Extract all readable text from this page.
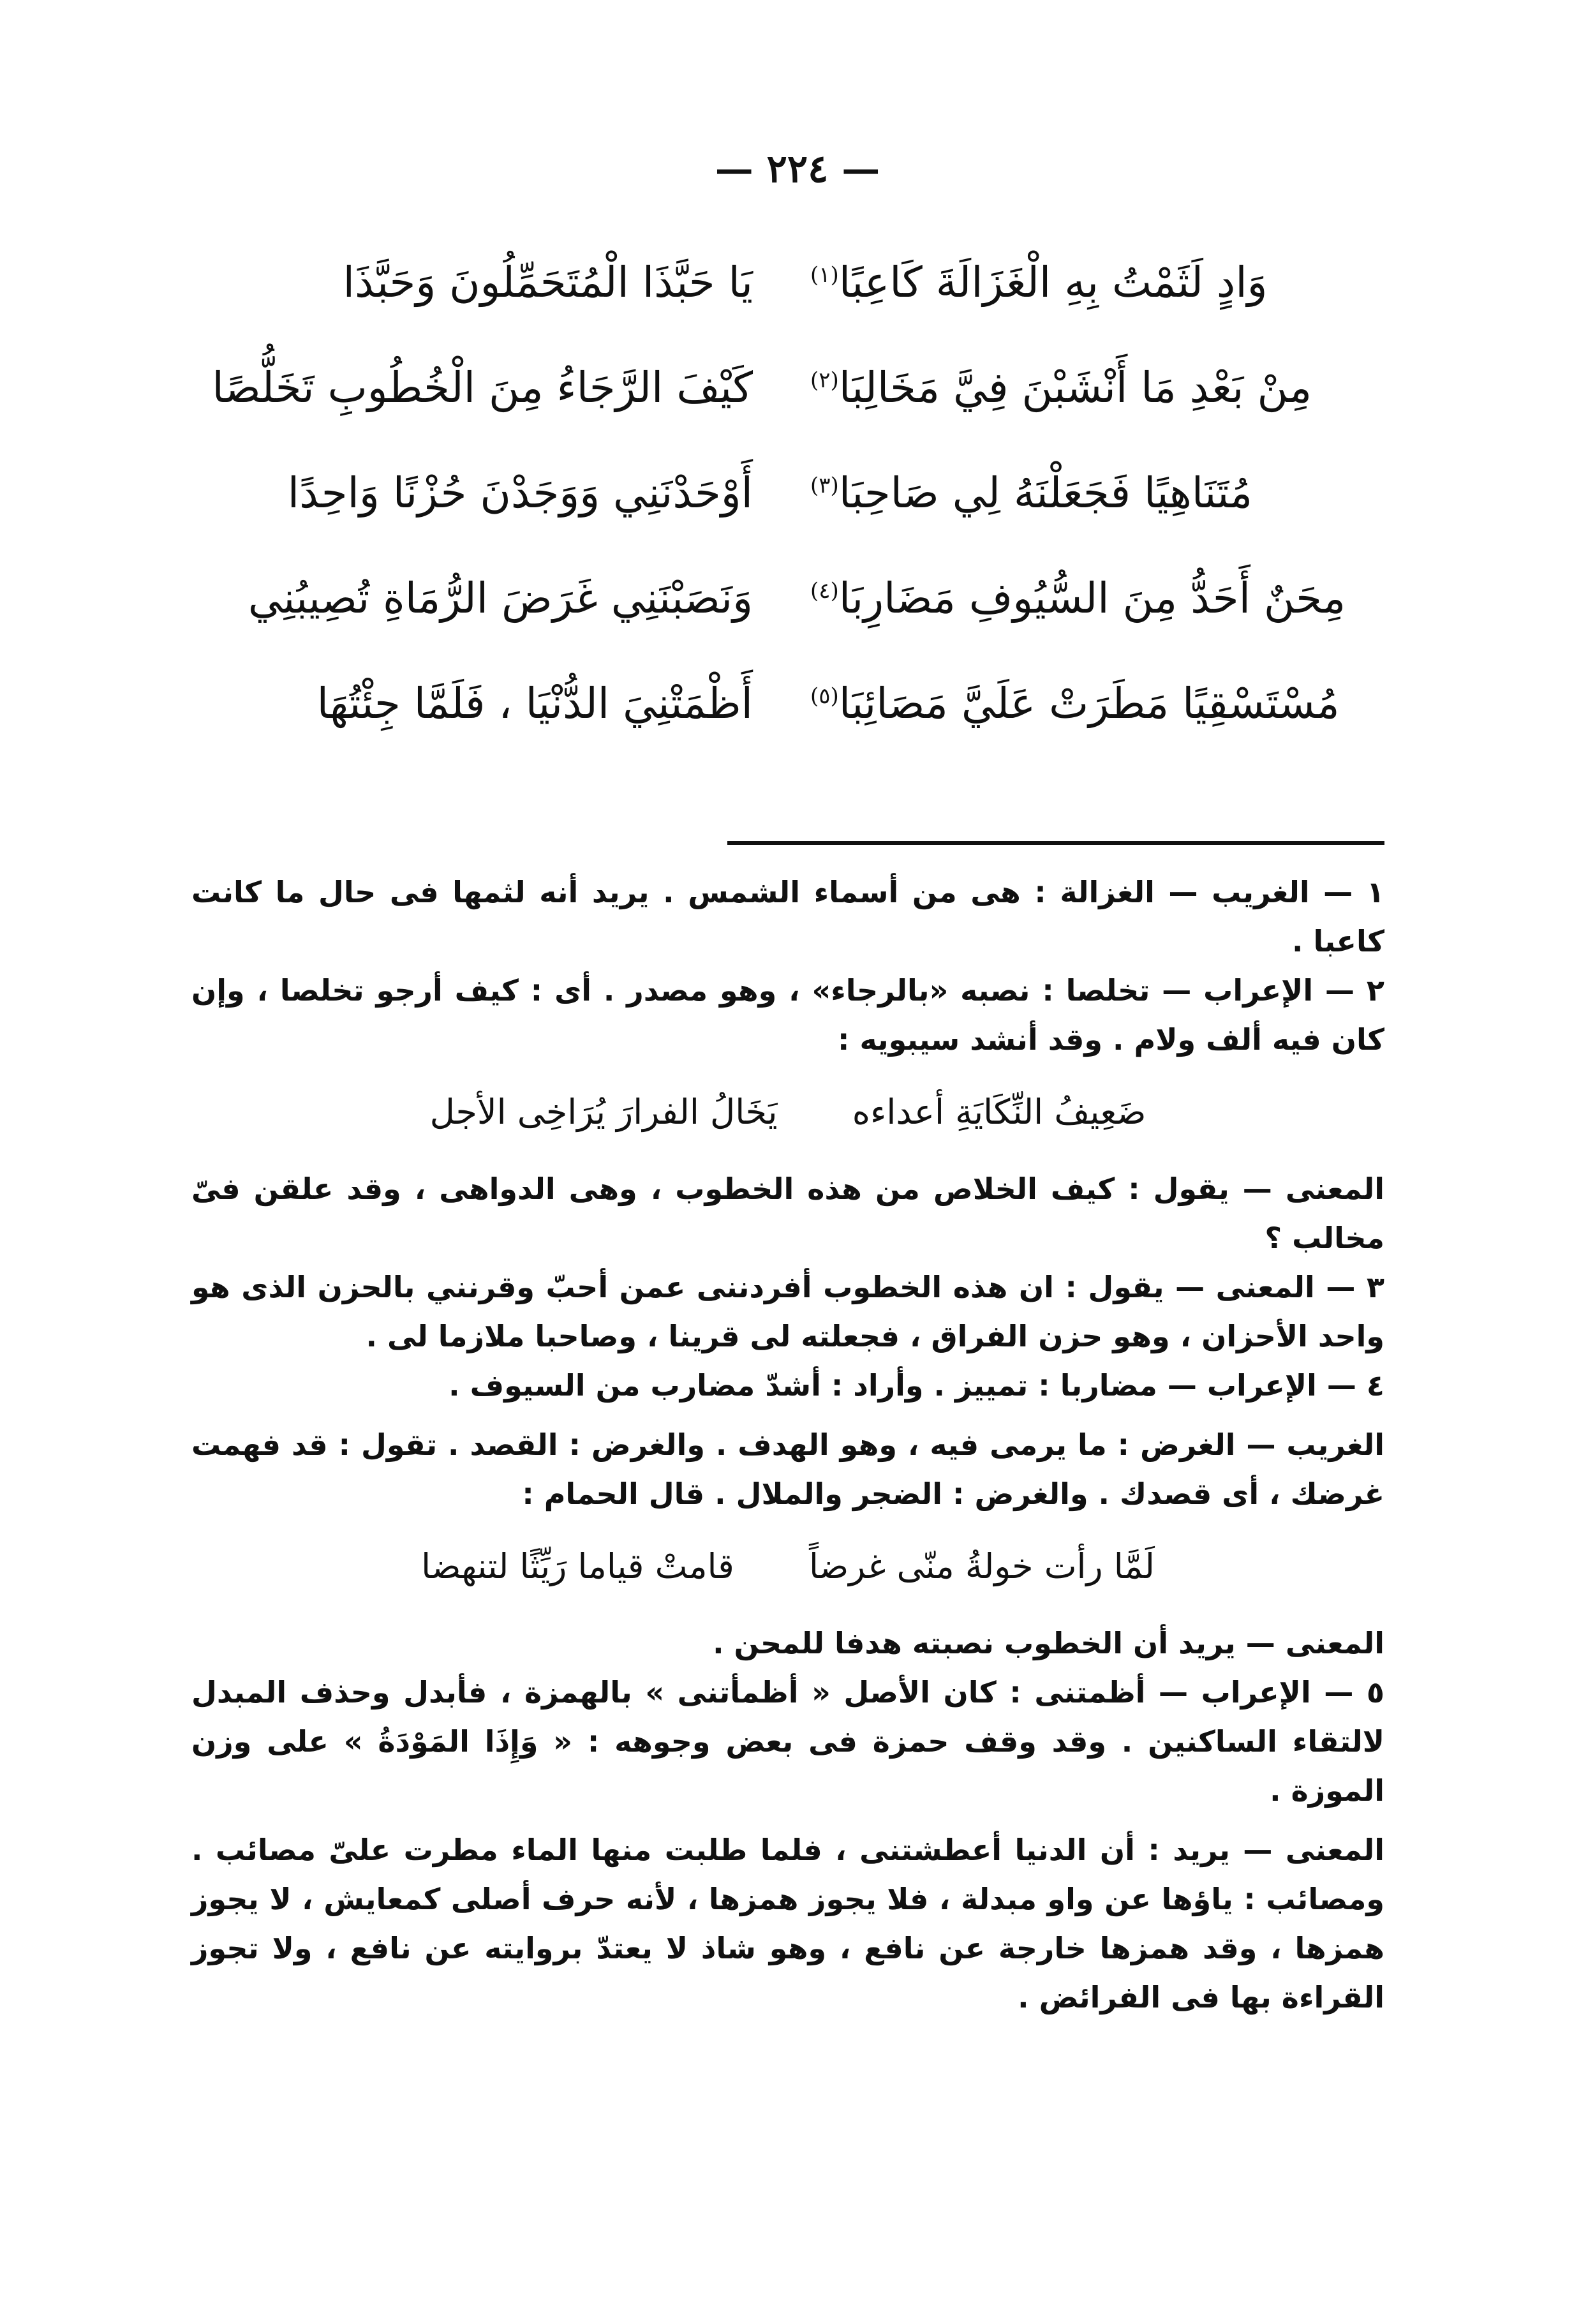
— ٢٢٤ —
يَا حَبَّذَا الْمُتَحَمِّلُونَ وَحَبَّذَا	وَادٍ لَثَمْتُ بِهِ الْغَزَالَةَ كَاعِبًا$^{(١)}$
كَيْفَ الرَّجَاءُ مِنَ الْخُطُوبِ تَخَلُّصًا	مِنْ بَعْدِ مَا أَنْشَبْنَ فِيَّ مَخَالِبَا$^{(٢)}$
أَوْحَدْنَنِي وَوَجَدْنَ حُزْنًا وَاحِدًا	مُتَنَاهِيًا فَجَعَلْنَهُ لِي صَاحِبَا$^{(٣)}$
وَنَصَبْنَنِي غَرَضَ الرُّمَاةِ تُصِيبُنِي	مِحَنٌ أَحَدُّ مِنَ السُّيُوفِ مَضَارِبَا$^{(٤)}$
أَظْمَتْنِيَ الدُّنْيَا ، فَلَمَّا جِئْتُهَا	مُسْتَسْقِيًا مَطَرَتْ عَلَيَّ مَصَائِبَا$^{(٥)}$

١ — الغريب — الغزالة : هى من أسماء الشمس . يريد أنه لثمها فى حال ما كانت كاعبا .

٢ — الإعراب — تخلصا : نصبه «بالرجاء» ، وهو مصدر . أى : كيف أرجو تخلصا ، وإن كان فيه ألف ولام . وقد أنشد سيبويه :

ضَعِيفُ النِّكَايَةِ أعداءه يَخَالُ الفرارَ يُرَاخِى الأجل

المعنى — يقول : كيف الخلاص من هذه الخطوب ، وهى الدواهى ، وقد علقن فىّ مخالب ؟

٣ — المعنى — يقول : ان هذه الخطوب أفردننى عمن أحبّ وقرنني بالحزن الذى هو واحد الأحزان ، وهو حزن الفراق ، فجعلته لى قرينا ، وصاحبا ملازما لى .

٤ — الإعراب — مضاربا : تمييز . وأراد : أشدّ مضارب من السيوف .

الغريب — الغرض : ما يرمى فيه ، وهو الهدف . والغرض : القصد . تقول : قد فهمت غرضك ، أى قصدك . والغرض : الضجر والملال . قال الحمام :

لَمَّا رأت خولةُ منّى غرضاً قامتْ قياما رَيِّثًا لتنهضا

المعنى — يريد أن الخطوب نصبته هدفا للمحن .

٥ — الإعراب — أظمتنى : كان الأصل « أظمأتنى » بالهمزة ، فأبدل وحذف المبدل لالتقاء الساكنين . وقد وقف حمزة فى بعض وجوهه : « وَإِذَا المَوْدَةُ » على وزن الموزة .

المعنى — يريد : أن الدنيا أعطشتنى ، فلما طلبت منها الماء مطرت علىّ مصائب . ومصائب : ياؤها عن واو مبدلة ، فلا يجوز همزها ، لأنه حرف أصلى كمعايش ، لا يجوز همزها ، وقد همزها خارجة عن نافع ، وهو شاذ لا يعتدّ بروايته عن نافع ، ولا تجوز القراءة بها فى الفرائض .
